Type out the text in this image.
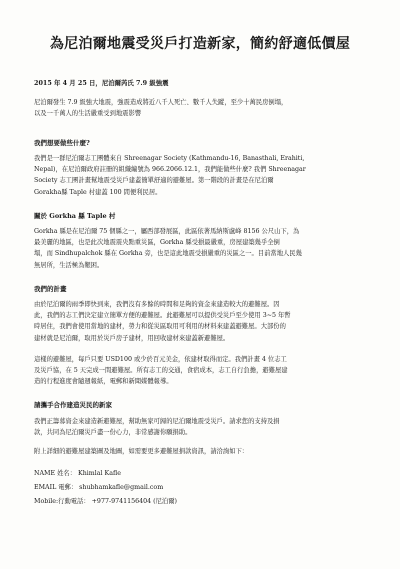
為尼泊爾地震受災戶打造新家，簡約舒適低價屋
2015 年 4 月 25 日，尼泊爾芮氏 7.9 級強震
尼泊爾發生 7.9 級強大地震，強震造成將近八千人死亡、數千人失蹤，至少十萬民房倒塌，
以及一千萬人的生活嚴重受到地震影響
我們想要做些什麼?
我們是一群尼泊爾志工團體來自 Shreenagar Society (Kathmandu-16, Banasthali, Erahiti,
Nepal)，在尼泊爾政府註冊的組織編號為 966.2066.12.1，我們能做些什麼? 我們 Shreenagar
Society 志工團計畫幫地震受災戶建蓋簡單舒適的避難屋。第一階段的計畫是在尼泊爾
Gorakha縣 Taple 村建蓋 100 間便利民居。
關於 Gorkha 縣 Taple 村
Gorkha 縣是在尼泊爾 75 個縣之一，屬西部發展區，此區依著馬納斯盧峰 8156 公尺山下，為
最美麗的地區，也是此次地震震央點重災區，Gorkha 縣受損最嚴重，房屋建築幾乎全倒
塌，而 Sindhupalchok 縣在 Gorkha 旁，也是這此地震受損嚴重的災區之一。目前當地人民幾
無居所，生活極為艱困。
我們的計畫
由於尼泊爾的雨季即快到來，我們沒有多餘的時間和足夠的資金來建造較大的避難屋。因
此，我們的志工們決定建立簡單方便的避難屋。此避難屋可以提供受災戶至少使用 3~5 年暫
時居住，我們會使用當地的建材，勞力和從災區取用可利用的材料來建蓋避難屋。大部份的
建材就是尼泊爾，取用於災戶房子建材，用回收建材來建蓋新避難屋。
這樣的避難屋，每戶只要 USD100 或少於百元美金，依建材取得而定。我們計畫 4 位志工
及災戶協，在 5 天完成一間避難屋。所有志工的交通，食宿成本，志工自行負擔，避難屋建
造的行程進度會隨週報紙，電郵和新聞媒體報導。
請攜手合作建造災民的新家
我們正籌募資金來建造新避難屋，幫助無家可歸的尼泊爾地震受災戶。請求您的支持及捐
款，共同為尼泊爾災戶盡一份心力，非常感謝你願捐助。
附上詳細的避難屋建築圖及地圖，如需要更多避難屋捐款資訊，請洽詢如下：
NAME 姓名： Khimlal Kafle
EMAIL 電郵： shubhamkafle@gmail.com
Mobile:行動電話： +977-9741156404 (尼泊爾)
